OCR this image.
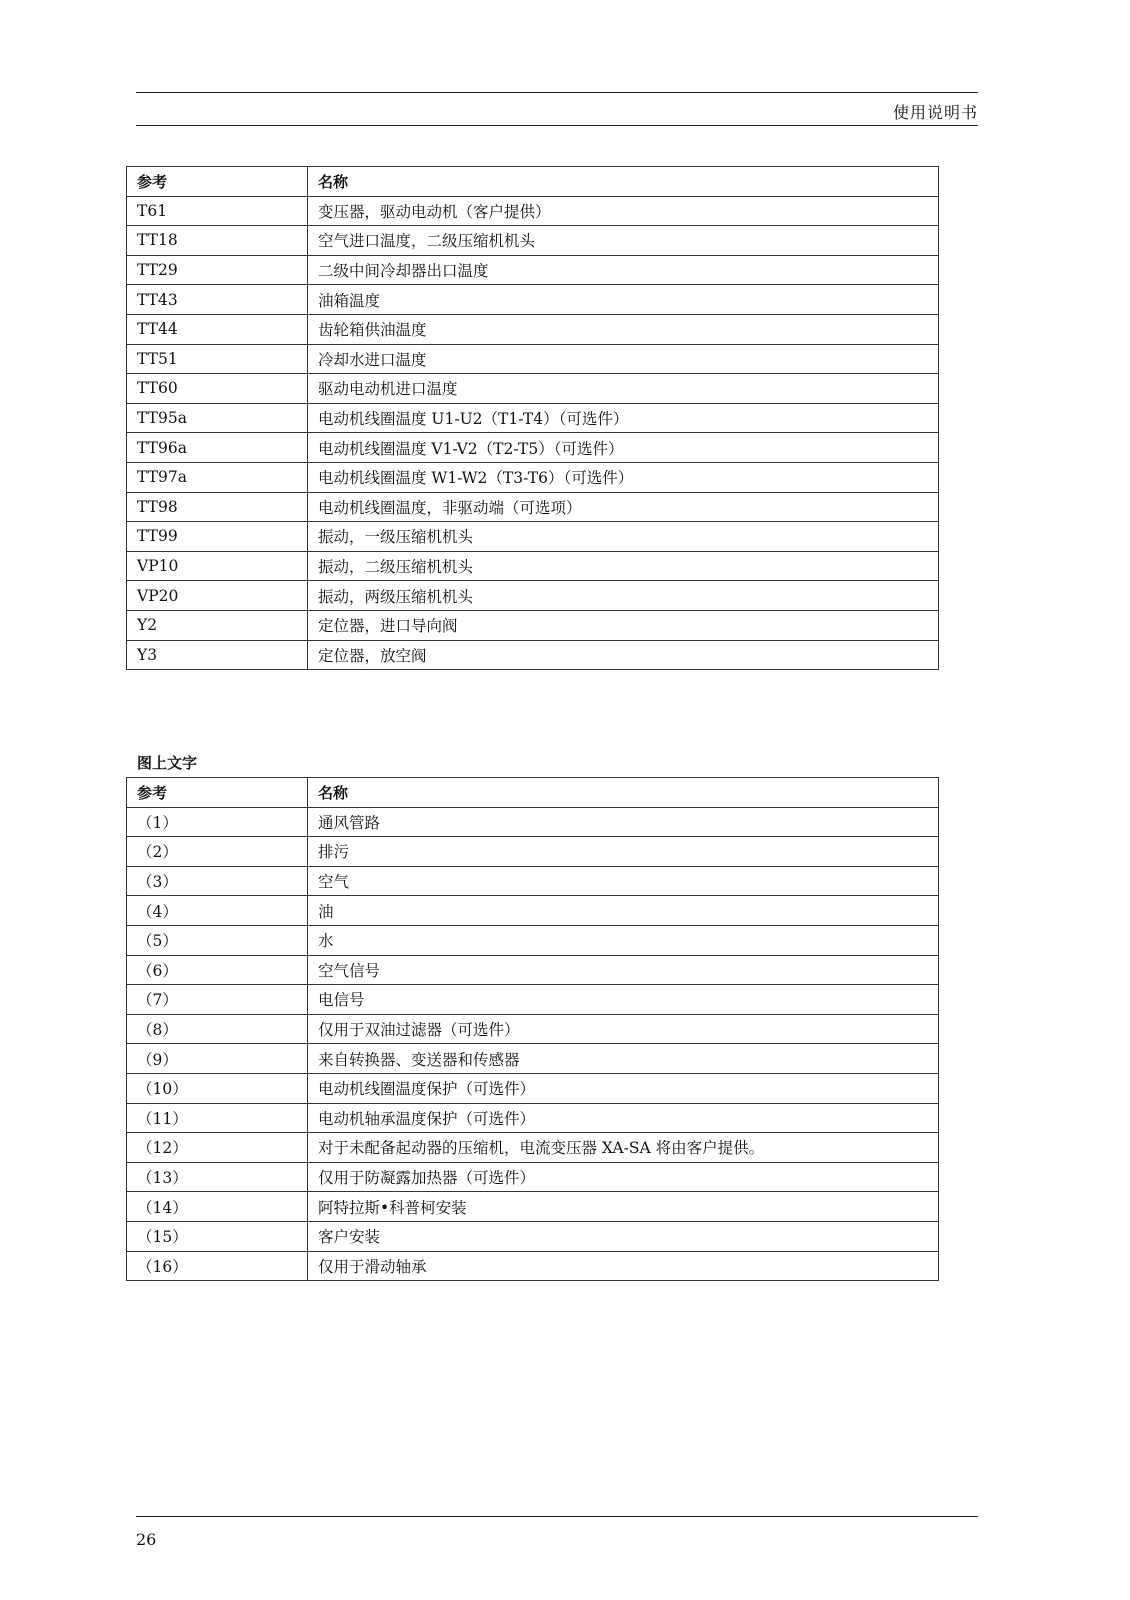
使用说明书
参考	名称
T61	变压器，驱动电动机（客户提供）
TT18	空气进口温度，二级压缩机机头
TT29	二级中间冷却器出口温度
TT43	油箱温度
TT44	齿轮箱供油温度
TT51	冷却水进口温度
TT60	驱动电动机进口温度
TT95a	电动机线圈温度 U1-U2（T1-T4）（可选件）
TT96a	电动机线圈温度 V1-V2（T2-T5）（可选件）
TT97a	电动机线圈温度 W1-W2（T3-T6）（可选件）
TT98	电动机线圈温度，非驱动端（可选项）
TT99	振动，一级压缩机机头
VP10	振动，二级压缩机机头
VP20	振动，两级压缩机机头
Y2	定位器，进口导向阀
Y3	定位器，放空阀
图上文字
参考	名称
（1）	通风管路
（2）	排污
（3）	空气
（4）	油
（5）	水
（6）	空气信号
（7）	电信号
（8）	仅用于双油过滤器（可选件）
（9）	来自转换器、变送器和传感器
（10）	电动机线圈温度保护（可选件）
（11）	电动机轴承温度保护（可选件）
（12）	对于未配备起动器的压缩机，电流变压器 XA-SA 将由客户提供。
（13）	仅用于防凝露加热器（可选件）
（14）	阿特拉斯•科普柯安装
（15）	客户安装
（16）	仅用于滑动轴承
26
